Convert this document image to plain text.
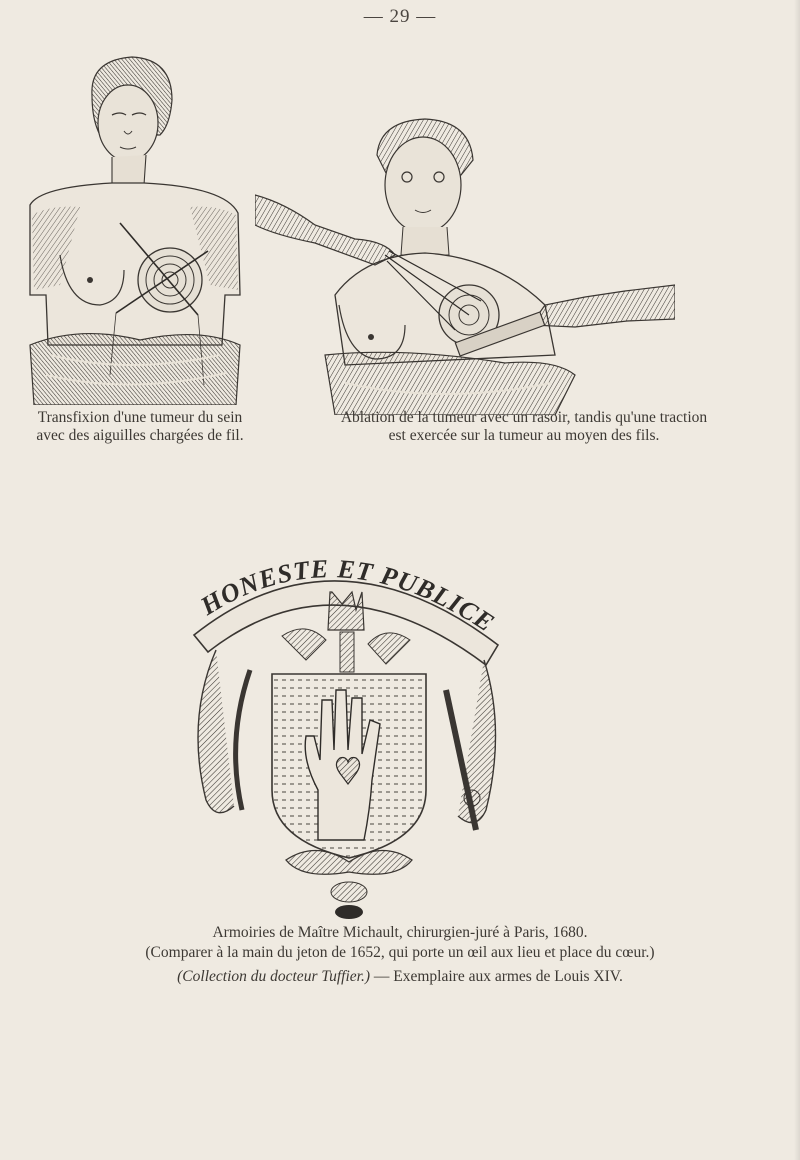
— 29 —
Transfixion d'une tumeur du sein
avec des aiguilles chargées de fil.
Ablation de la tumeur avec un rasoir, tandis qu'une traction
est exercée sur la tumeur au moyen des fils.
HONESTE ET PUBLICE
Armoiries de Maître Michault, chirurgien-juré à Paris, 1680.
(Comparer à la main du jeton de 1652, qui porte un œil aux lieu et place du cœur.)
(Collection du docteur Tuffier.) — Exemplaire aux armes de Louis XIV.
